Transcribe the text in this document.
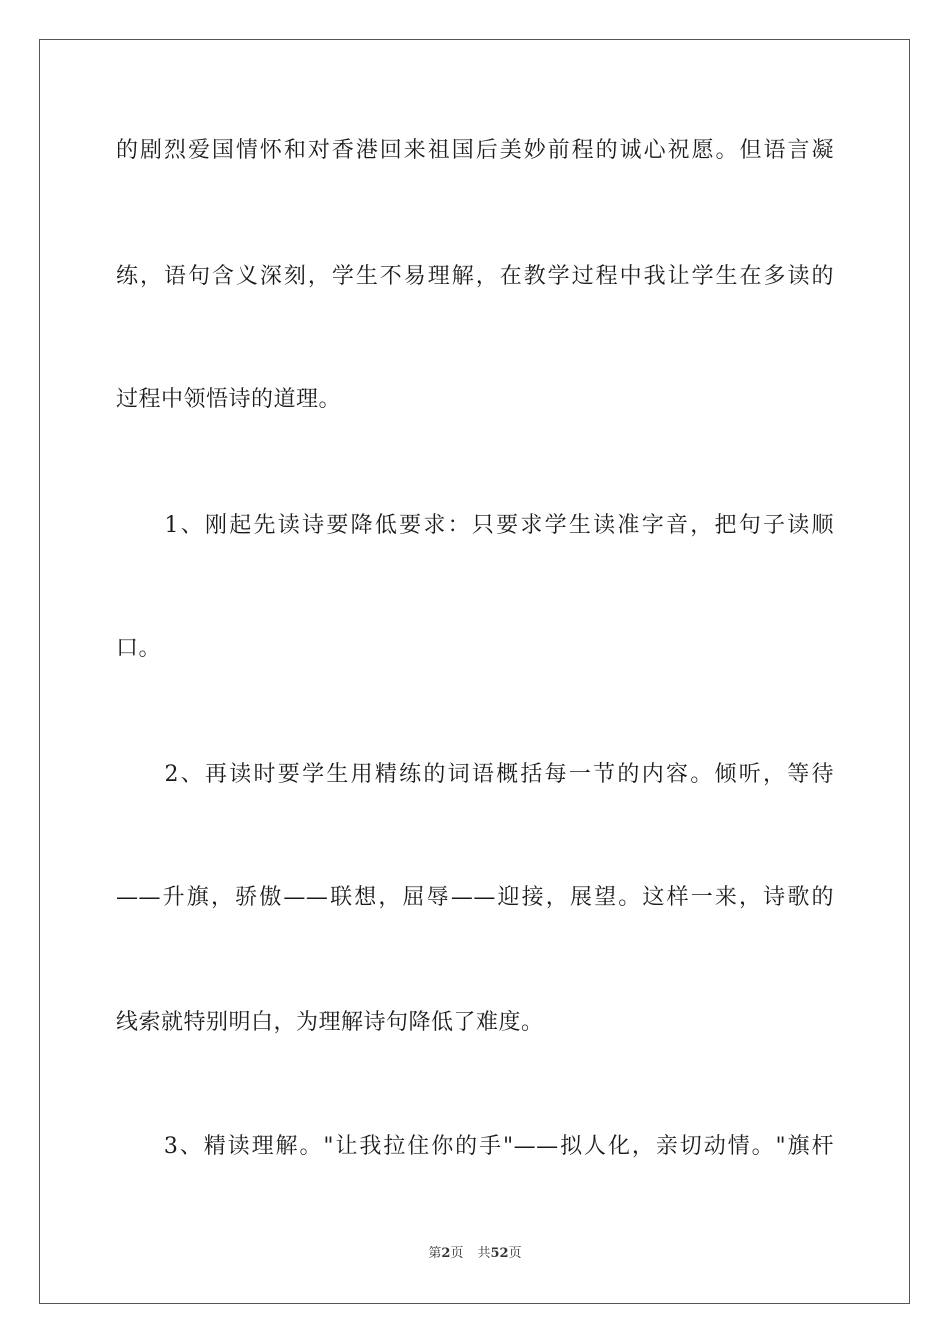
的剧烈爱国情怀和对香港回来祖国后美妙前程的诚心祝愿。但语言凝
练，语句含义深刻，学生不易理解，在教学过程中我让学生在多读的
过程中领悟诗的道理。
　　1、刚起先读诗要降低要求：只要求学生读准字音，把句子读顺
口。
　　2、再读时要学生用精练的词语概括每一节的内容。倾听，等待
——升旗，骄傲——联想，屈辱——迎接，展望。这样一来，诗歌的
线索就特别明白，为理解诗句降低了难度。
　　3、精读理解。"让我拉住你的手"——拟人化，亲切动情。"旗杆
第2页 共52页
